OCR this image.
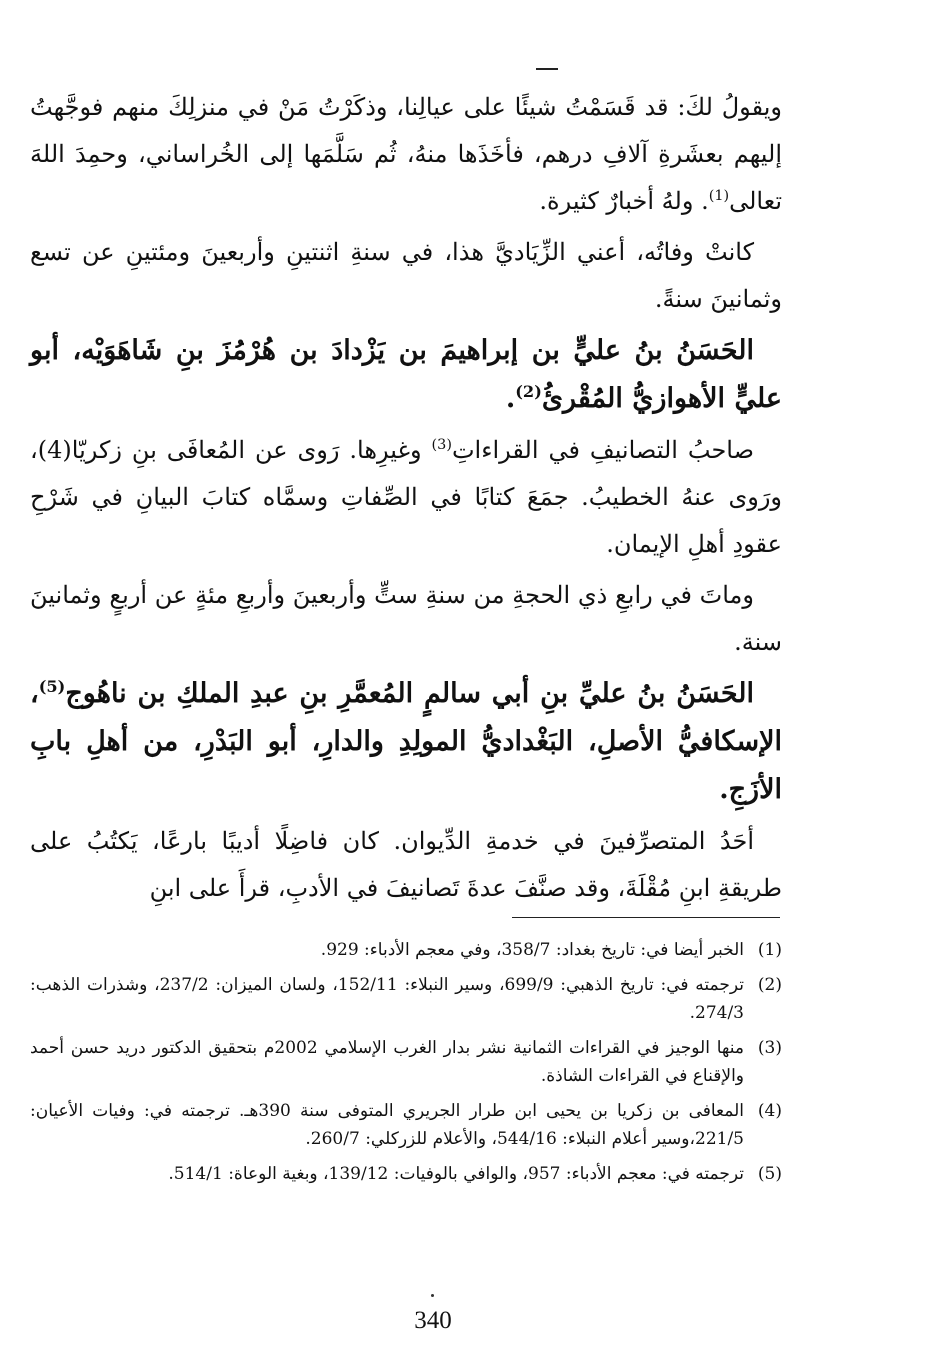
ويقولُ لكَ: قد قَسَمْتُ شيئًا على عيالِنا، وذكَرْتُ مَنْ في منزلِكَ منهم فوجَّهتُ إليهم بعشَرةِ آلافِ درهم، فأخَذَها منهُ، ثُم سَلَّمَها إلى الخُراساني، وحمِدَ اللهَ تعالى$^{(1)}$. ولهُ أخبارٌ كثيرة.

كانتْ وفاتُه، أعني الزِّيَاديَّ هذا، في سنةِ اثنتينِ وأربعينَ ومئتينِ عن تسع وثمانينَ سنةً.

الحَسَنُ بنُ عليٍّ بن إبراهيمَ بن يَزْدادَ بن هُرْمُزَ بنِ شَاهَوَيْه، أبو عليٍّ الأهوازيُّ المُقْرئُ$^{(2)}$.

صاحبُ التصانيفِ في القراءاتِ$^{(3)}$ وغيرِها. رَوى عن المُعافَى بنِ زكريّا(4)، ورَوى عنهُ الخطيبُ. جمَعَ كتابًا في الصِّفاتِ وسمَّاه كتابَ البيانِ في شَرْحِ عقودِ أهلِ الإيمان.

وماتَ في رابعِ ذي الحجةِ من سنةِ ستٍّ وأربعينَ وأربعِ مئةٍ عن أربعٍ وثمانينَ سنة.

الحَسَنُ بنُ عليِّ بنِ أبي سالمٍ المُعمَّرِ بنِ عبدِ الملكِ بن ناهُوج$^{(5)}$، الإسكافيُّ الأصلِ، البَغْداديُّ المولِدِ والدارِ، أبو البَدْرِ، من أهلِ بابِ الأزَجِ.

أحَدُ المتصرِّفينَ في خدمةِ الدِّيوان. كان فاضِلًا أديبًا بارعًا، يَكتُبُ على طريقةِ ابنِ مُقْلَةَ، وقد صنَّفَ عدةَ تَصانيفَ في الأدبِ، قرأَ على ابنِ

(1)
الخبر أيضا في: تاريخ بغداد: 358/7، وفي معجم الأدباء: 929.
(2)
ترجمته في: تاريخ الذهبي: 699/9، وسير النبلاء: 152/11، ولسان الميزان: 237/2، وشذرات الذهب: 274/3.
(3)
منها الوجيز في القراءات الثمانية نشر بدار الغرب الإسلامي 2002م بتحقيق الدكتور دريد حسن أحمد والإقناع في القراءات الشاذة.
(4)
المعافى بن زكريا بن يحيى ابن طرار الجريري المتوفى سنة 390هـ. ترجمته في: وفيات الأعيان: 221/5،وسير أعلام النبلاء: 544/16، والأعلام للزركلي: 260/7.
(5)
ترجمته في: معجم الأدباء: 957، والوافي بالوفيات: 139/12، وبغية الوعاة: 514/1.
340
